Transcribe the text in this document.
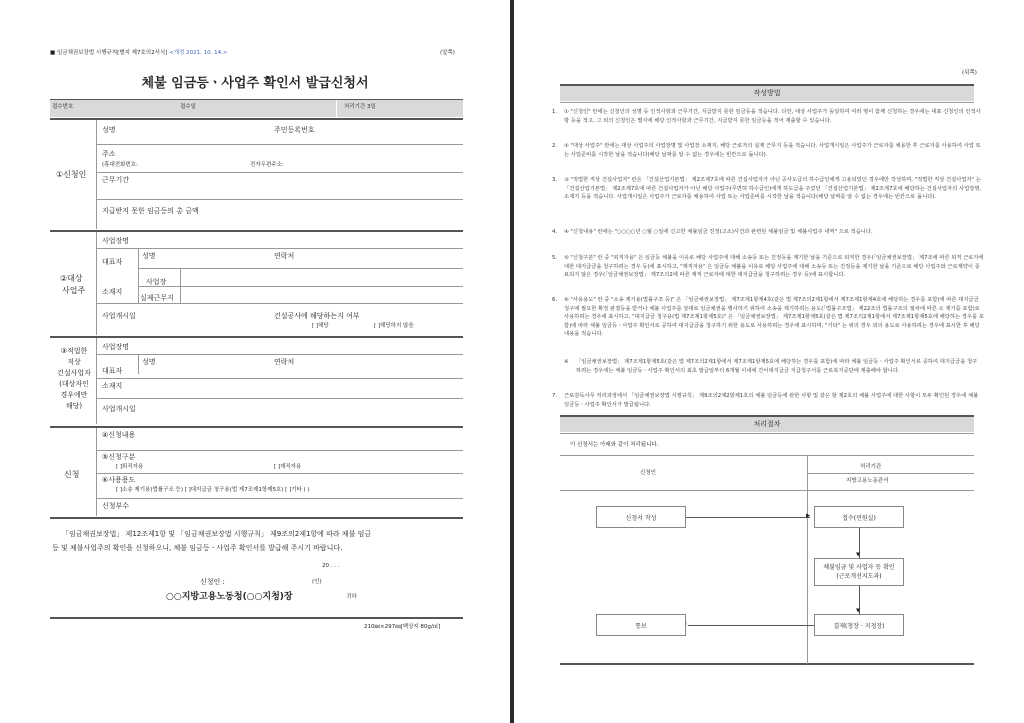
■ 임금채권보장법 시행규칙[별지 제7호의2서식] <개정 2021. 10. 14.>	(앞쪽)
체불 임금등ㆍ사업주 확인서 발급신청서
접수번호	접수일	처리기간 3일
①신청인
성명	주민등록번호
주소
(휴대전화번호:	전자우편주소:
근무기간
지급받지 못한 임금등의 총 금액
②대상
사업주
사업장명
대표자
성명	연락처
소재지
사업장
실제근무지
사업개시일	건설공사에 해당하는지 여부
[ ]해당	[ ]해당하지 않음
③적법한
직상
건설사업자
(대상자인
경우에만
해당)
사업장명
대표자
성명	연락처
소재지
사업개시일
신청
④신청내용
⑤신청구분
[ ]퇴직자용	[ ]재직자용
⑥사용용도
[ ]소송 제기용(법률구조 등) [ ]대지급금 청구용(법 제7조제1항제5호) [ ]기타 ( )
신청부수
「임금채권보장법」 제12조제1항 및 「임금채권보장법 시행규칙」 제9조의2제1항에 따라 체불 임금
등 및 체불사업주의 확인을 신청하오니, 체불 임금등ㆍ사업주 확인서를 발급해 주시기 바랍니다.
20 . . .
신청인 :	(인)
○○지방고용노동청(○○지청)장	귀하
210㎜×297㎜[백상지 80g/㎡]
(뒤쪽)
작성방법
1. ① "신청인" 란에는 신청인의 성명 등 인적사항과 근무기간, 지급받지 못한 임금등을 적습니다. 다만, 대상 사업주가 동일하여 여러 명이 함께 신청하는 경우에는 대표 신청인의 인적사항 등을 적고, 그 외의 신청인은 별지에 해당 인적사항과 근무기간, 지급받지 못한 임금등을 적어 제출할 수 있습니다.
2. ② "대상 사업주" 란에는 대상 사업주의 사업장명 및 사업장 소재지, 해당 근로자의 실제 근무지 등을 적습니다. 사업개시일은 사업주가 근로자를 채용한 후 근로자를 사용하여 사업 또는 사업준비를 시작한 날을 적습니다(해당 날짜를 알 수 없는 경우에는 빈칸으로 둡니다).
3. ③ "적법한 직상 건설사업자" 란은 「건설산업기본법」 제2조제7호에 따른 건설사업자가 아닌 공사도급의 하수급인에게 고용되었던 경우에만 작성하며, "적법한 직상 건설사업자" 는 「건설산업기본법」 제2조제7호에 따른 건설사업자가 아닌 해당 사업주(무면허 하수급인)에게 하도급을 주었던 「건설산업기본법」 제2조제7호에 해당하는 건설사업자의 사업장명, 소재지 등을 적습니다. 사업개시일은 사업주가 근로자를 채용하여 사업 또는 사업준비를 시작한 날을 적습니다(해당 날짜를 알 수 없는 경우에는 빈칸으로 둡니다).
4. ④ "신청내용" 란에는 "○○○○년 ○월 ○일에 신고한 체불임금 진정(고소)사건과 관련된 체불임금 및 체불사업주 내역" 으로 적습니다.
5. ⑤ "신청구분" 란 중 "퇴직자용" 은 임금등 체불을 이유로 해당 사업주에 대해 소송등 또는 진정등을 제기한 날을 기준으로 퇴직한 경우(「임금채권보장법」 제7조에 따른 퇴직 근로자에 대한 대지급금을 청구하려는 경우 등)에 표시하고, "재직자용" 은 임금등 체불을 이유로 해당 사업주에 대해 소송등 또는 진정등을 제기한 날을 기준으로 해당 사업주와 근로계약이 종료되지 않은 경우(「임금채권보장법」 제7조의2에 따른 재직 근로자에 대한 대지급금을 청구하려는 경우 등)에 표시합니다.
6. ⑥ "사용용도" 란 중 "소송 제기용(법률구조 등)" 은 「임금채권보장법」 제7조제1항제4호(같은 법 제7조의2제1항에서 제7조제1항제4호에 해당하는 경우를 포함)에 따른 대지급금 청구에 필요한 확정 판결등을 받거나 체불 사업주를 상대로 임금채권을 행사하기 위하여 소송을 제기하려는 용도(「법률구조법」 제22조의 법률구조의 절차에 따른 소 제기를 포함)로 사용하려는 경우에 표시하고, "대지급금 청구용(법 제7조제1항제5호)" 은 「임금채권보장법」 제7조제1항제5호(같은 법 제7조의2제1항에서 제7조제1항제5호에 해당하는 경우를 포함)에 따라 체불 임금등ㆍ사업주 확인서로 공하여 대지급금을 청구하기 위한 용도로 사용하려는 경우에 표시하며, "기타" 는 위의 경우 외의 용도로 사용하려는 경우에 표시한 후 해당 내용을 적습니다.
※ 「임금채권보장법」 제7조제1항제5호(같은 법 제7조의2제1항에서 제7조제1항제5호에 해당하는 경우를 포함)에 따라 체불 임금등ㆍ사업주 확인서로 공하여 대지급금을 청구하려는 경우에는 체불 임금등ㆍ사업주 확인서의 최초 발급일부터 6개월 이내에 간이대지급금 지급청구서를 근로복지공단에 제출해야 합니다.
7. 근로감독사무 처리과정에서 「임금채권보장법 시행규칙」 제9조의2제2항제1호의 체불 임금등에 관한 사항 및 같은 항 제2호의 체불 사업주에 대한 사항이 모두 확인된 경우에 체불 임금등ㆍ사업주 확인서가 발급됩니다.
처리절차
이 신청서는 아래와 같이 처리됩니다.
신청인
처리기관
지방고용노동관서
신청서 작성	▶	접수(민원실)
▼
체불임금 및 사업자 등 확인
(근로개선지도과)
▼
결재(청장ㆍ지청장)
통보
